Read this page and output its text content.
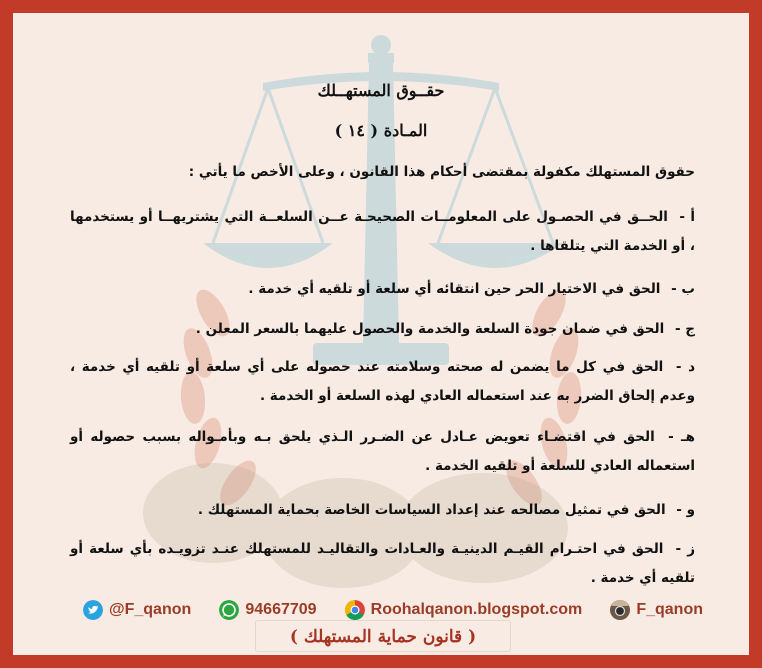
حقــوق المستهــلك
المـادة ( ١٤ )
حقوق المستهلك مكفولة بمقتضى أحكام هذا القانون ، وعلى الأخص ما يأتي :
أ - الحــق في الحصـول على المعلومــات الصحيحـة عــن السلعــة التي يشتريهــا أو يستخدمها ، أو الخدمة التي يتلقاها .
ب - الحق في الاختيار الحر حين انتقائه أي سلعة أو تلقيه أي خدمة .
ج - الحق في ضمان جودة السلعة والخدمة والحصول عليهما بالسعر المعلن .
د - الحق في كل ما يضمن له صحته وسلامته عند حصوله على أي سلعة أو تلقيه أي خدمة ، وعدم إلحاق الضرر به عند استعماله العادي لهذه السلعة أو الخدمة .
هـ - الحق في اقتضـاء تعويض عـادل عن الضـرر الـذي يلحق بـه وبأمـواله بسبب حصوله أو استعماله العادي للسلعة أو تلقيه الخدمة .
و - الحق في تمثيل مصالحه عند إعداد السياسات الخاصة بحماية المستهلك .
ز - الحق في احتـرام القيـم الدينيـة والعـادات والتقاليـد للمستهلك عنـد تزويـده بأي سلعة أو تلقيه أي خدمة .
@F_qanon	94667709	Roohalqanon.blogspot.com	F_qanon
( قانون حماية المستهلك )
